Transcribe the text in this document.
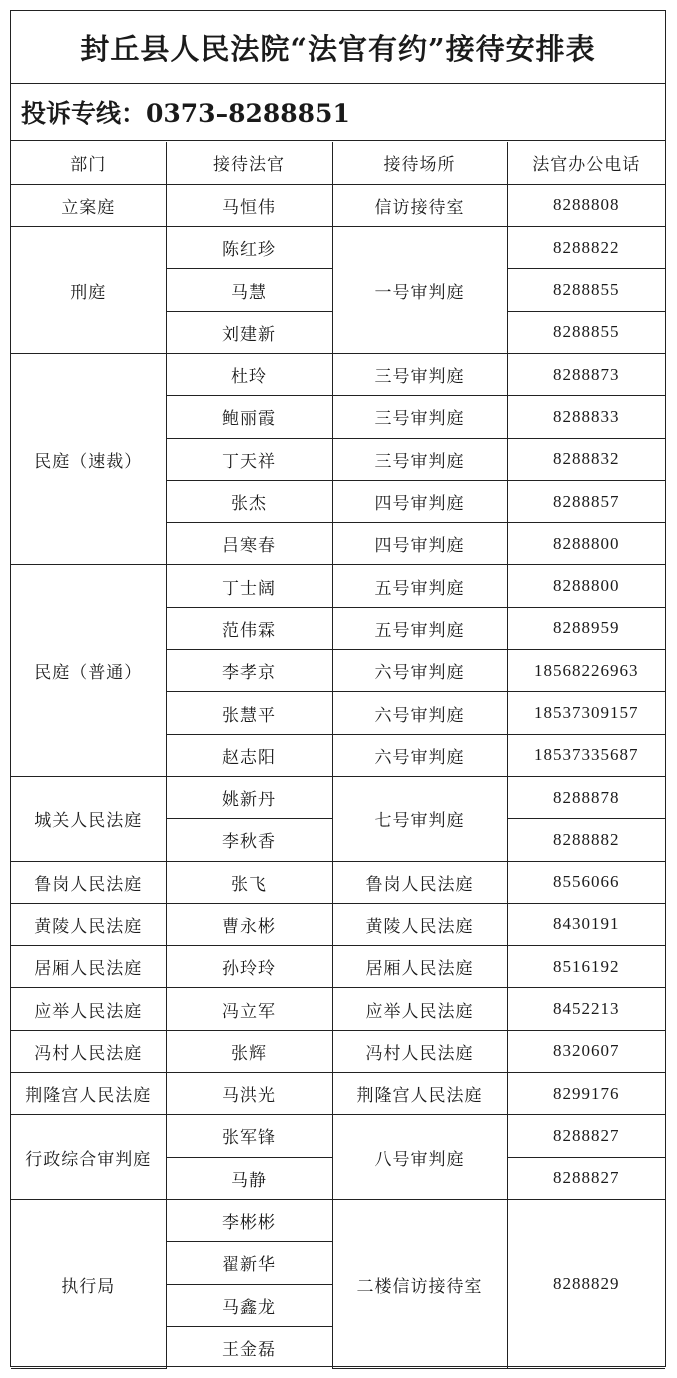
封丘县人民法院“法官有约”接待安排表
投诉专线：0373–8288851
部门	接待法官	接待场所	法官办公电话
立案庭	马恒伟	信访接待室	8288808
刑庭	陈红珍	一号审判庭	8288822
	马慧		8288855
	刘建新		8288855
民庭（速裁）	杜玲	三号审判庭	8288873
	鲍丽霞	三号审判庭	8288833
	丁天祥	三号审判庭	8288832
	张杰	四号审判庭	8288857
	吕寒春	四号审判庭	8288800
民庭（普通）	丁士阔	五号审判庭	8288800
	范伟霖	五号审判庭	8288959
	李孝京	六号审判庭	18568226963
	张慧平	六号审判庭	18537309157
	赵志阳	六号审判庭	18537335687
城关人民法庭	姚新丹	七号审判庭	8288878
	李秋香		8288882
鲁岗人民法庭	张飞	鲁岗人民法庭	8556066
黄陵人民法庭	曹永彬	黄陵人民法庭	8430191
居厢人民法庭	孙玲玲	居厢人民法庭	8516192
应举人民法庭	冯立军	应举人民法庭	8452213
冯村人民法庭	张辉	冯村人民法庭	8320607
荆隆宫人民法庭	马洪光	荆隆宫人民法庭	8299176
行政综合审判庭	张军锋	八号审判庭	8288827
	马静		8288827
执行局	李彬彬	二楼信访接待室	8288829
	翟新华		
	马鑫龙		
	王金磊		
